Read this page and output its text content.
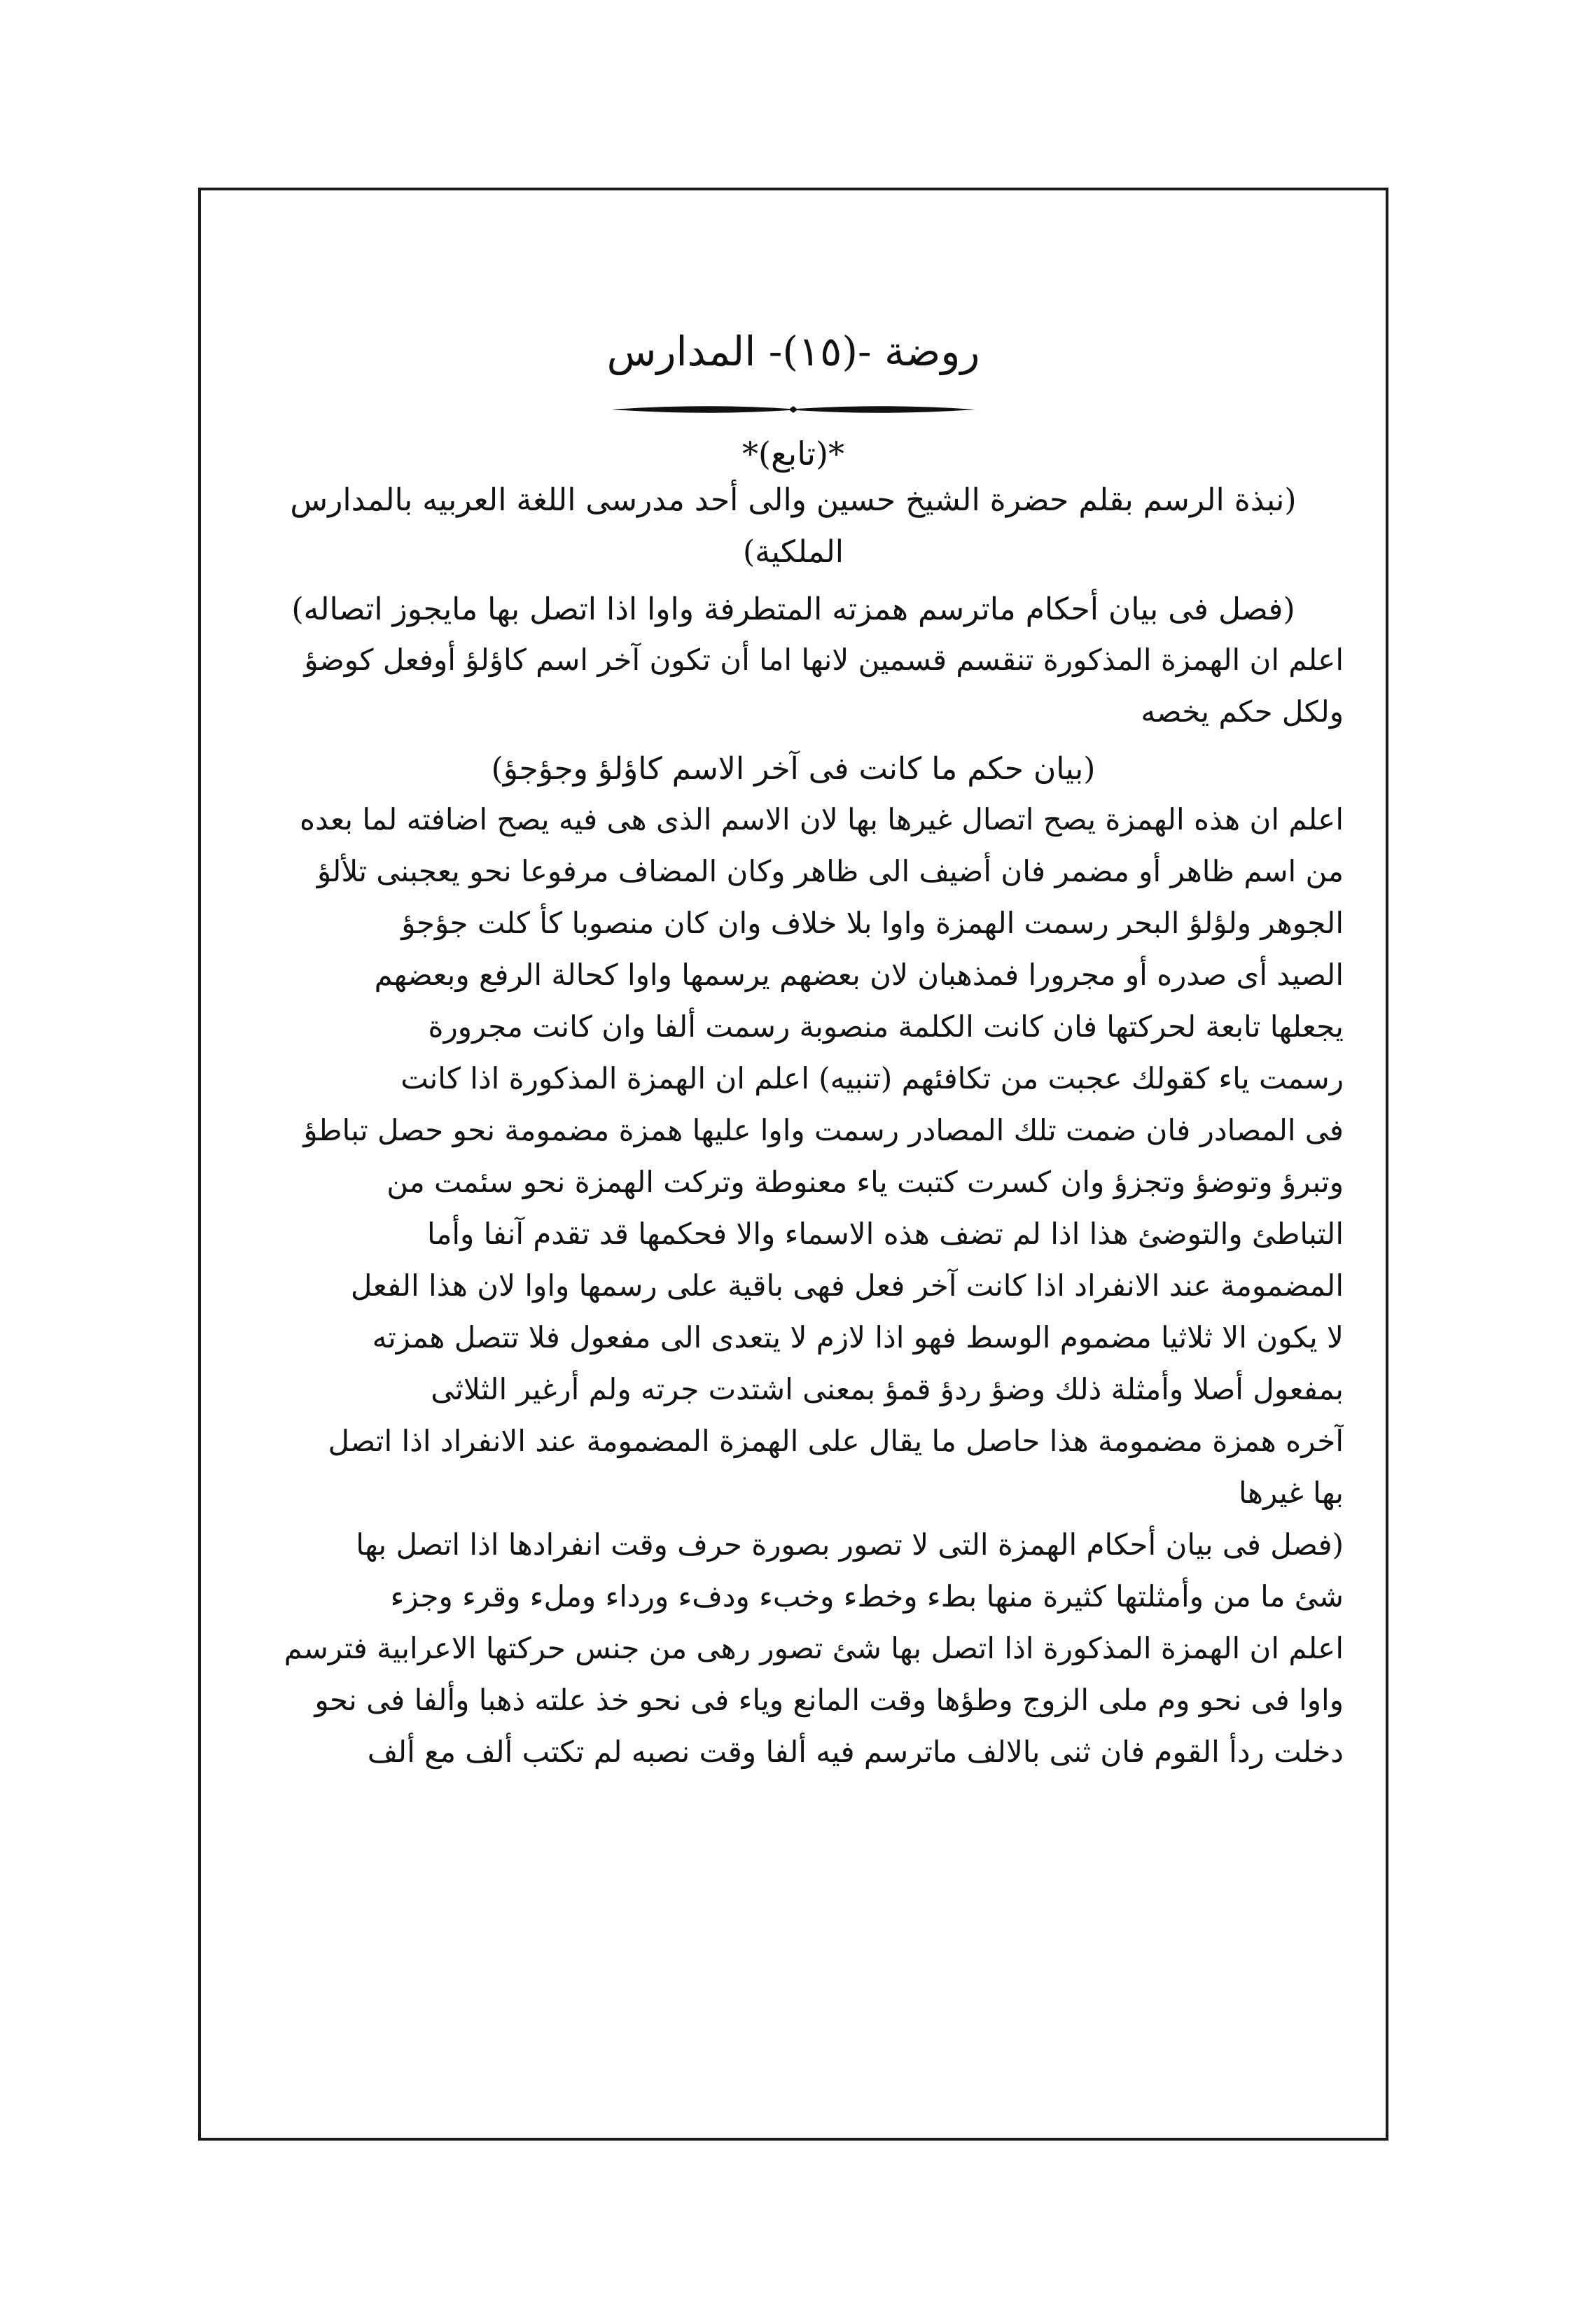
روضة -(١٥)- المدارس

*(تابع)*

(نبذة الرسم بقلم حضرة الشيخ حسين والى أحد مدرسى اللغة العربيه بالمدارس

الملكية)

(فصل فى بيان أحكام ماترسم همزته المتطرفة واوا اذا اتصل بها مايجوز اتصاله)

اعلم ان الهمزة المذكورة تنقسم قسمين لانها اما أن تكون آخر اسم كاؤلؤ أوفعل كوضؤ
ولكل حكم يخصه

(بيان حكم ما كانت فى آخر الاسم كاؤلؤ وجؤجؤ)

اعلم ان هذه الهمزة يصح اتصال غيرها بها لان الاسم الذى هى فيه يصح اضافته لما بعده
من اسم ظاهر أو مضمر فان أضيف الى ظاهر وكان المضاف مرفوعا نحو يعجبنى تلألؤ
الجوهر ولؤلؤ البحر رسمت الهمزة واوا بلا خلاف وان كان منصوبا كأ كلت جؤجؤ
الصيد أى صدره أو مجرورا فمذهبان لان بعضهم يرسمها واوا كحالة الرفع وبعضهم
يجعلها تابعة لحركتها فان كانت الكلمة منصوبة رسمت ألفا وان كانت مجرورة
رسمت ياء كقولك عجبت من تكافئهم (تنبيه) اعلم ان الهمزة المذكورة اذا كانت
فى المصادر فان ضمت تلك المصادر رسمت واوا عليها همزة مضمومة نحو حصل تباطؤ
وتبرؤ وتوضؤ وتجزؤ وان كسرت كتبت ياء معنوطة وتركت الهمزة نحو سئمت من
التباطئ والتوضئ هذا اذا لم تضف هذه الاسماء والا فحكمها قد تقدم آنفا وأما
المضمومة عند الانفراد اذا كانت آخر فعل فهى باقية على رسمها واوا لان هذا الفعل
لا يكون الا ثلاثيا مضموم الوسط فهو اذا لازم لا يتعدى الى مفعول فلا تتصل همزته
بمفعول أصلا وأمثلة ذلك وضؤ ردؤ قمؤ بمعنى اشتدت جرته ولم أرغير الثلاثى
آخره همزة مضمومة هذا حاصل ما يقال على الهمزة المضمومة عند الانفراد اذا اتصل
بها غيرها
(فصل فى بيان أحكام الهمزة التى لا تصور بصورة حرف وقت انفرادها اذا اتصل بها
شئ ما من وأمثلتها كثيرة منها بطء وخطء وخبء ودفء ورداء وملء وقرء وجزء
اعلم ان الهمزة المذكورة اذا اتصل بها شئ تصور رهى من جنس حركتها الاعرابية فترسم
واوا فى نحو وم ملى الزوج وطؤها وقت المانع وياء فى نحو خذ علته ذهبا وألفا فى نحو
دخلت ردأ القوم فان ثنى بالالف ماترسم فيه ألفا وقت نصبه لم تكتب ألف مع ألف
